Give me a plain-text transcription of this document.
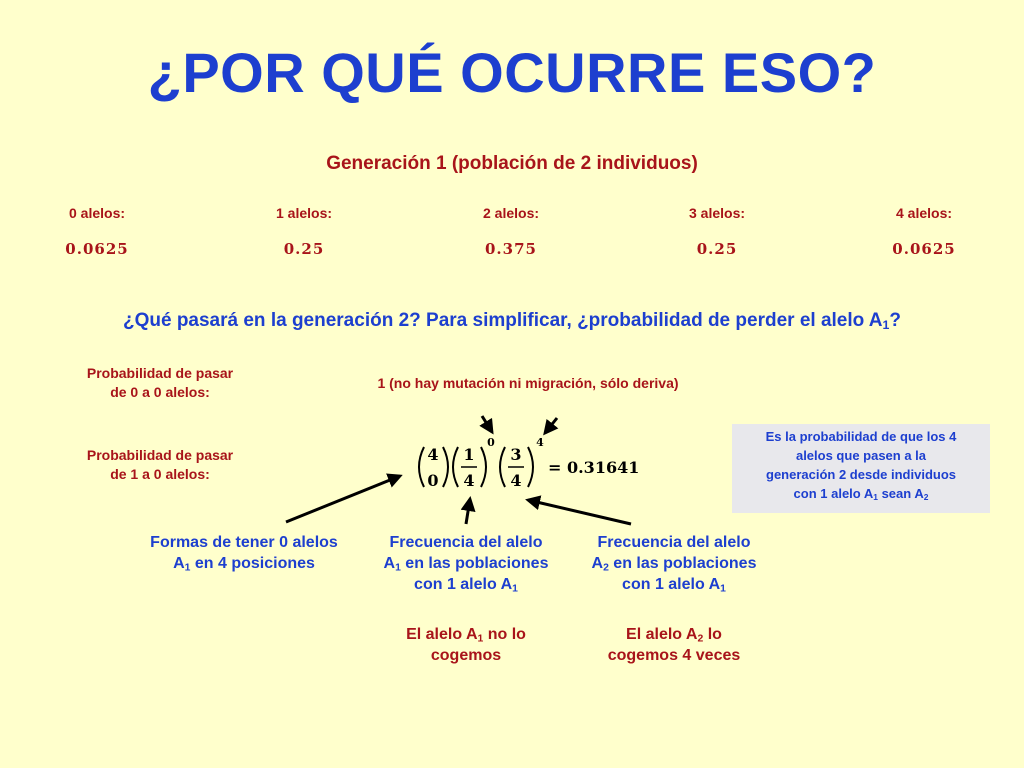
¿POR QUÉ OCURRE ESO?
Generación 1 (población de 2 individuos)
0 alelos:	1 alelos:	2 alelos:	3 alelos:	4 alelos:
0.0625	0.25	0.375	0.25	0.0625
¿Qué pasará en la generación 2? Para simplificar, ¿probabilidad de perder el alelo $A_1$?
Probabilidad de pasar
de 0 a 0 alelos:
1 (no hay mutación ni migración, sólo deriva)
Probabilidad de pasar
de 1 a 0 alelos:
Es la probabilidad de que los 4
alelos que pasen a la
generación 2 desde individuos
con 1 alelo $A_1$ sean $A_2$
4
0
1
4
0
3
4
4
= 0.31641
Formas de tener 0 alelos
$A_1$ en 4 posiciones
Frecuencia del alelo
$A_1$ en las poblaciones
con 1 alelo $A_1$
Frecuencia del alelo
$A_2$ en las poblaciones
con 1 alelo $A_1$
El alelo $A_1$ no lo
cogemos
El alelo $A_2$ lo
cogemos 4 veces
